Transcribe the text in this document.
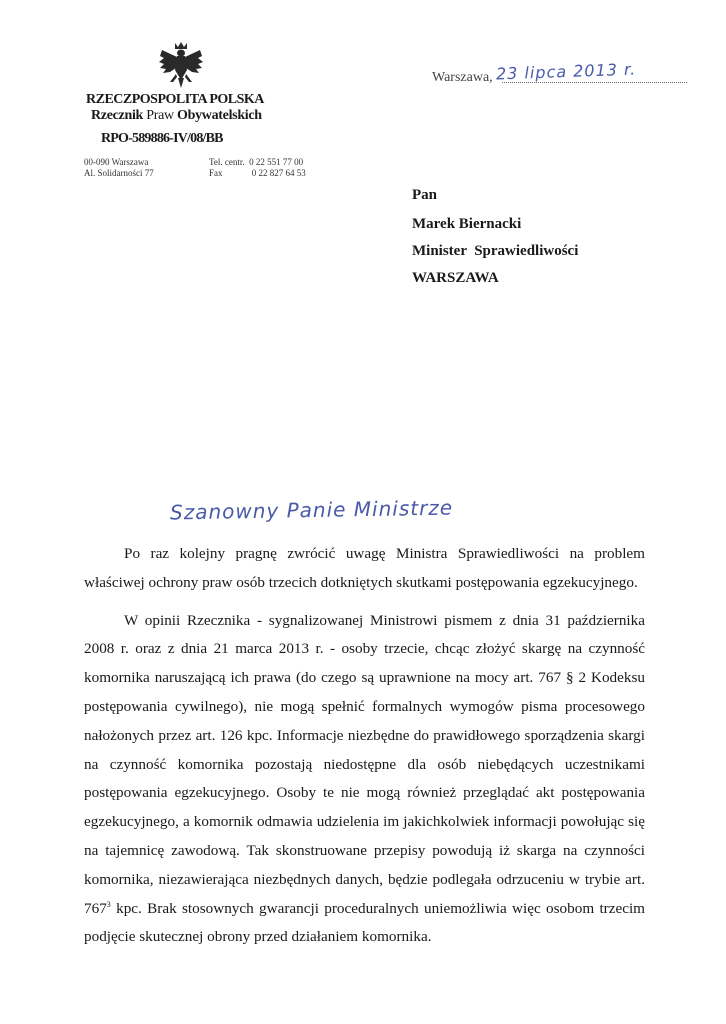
RZECZPOSPOLITA POLSKA
Rzecznik Praw Obywatelskich
RPO-589886-IV/08/BB
00-090 Warszawa
Al. Solidarności 77
Tel. centr.  0 22 551 77 00
Fax             0 22 827 64 53
Warszawa, 23 lipca 2013 r.
Pan
Marek Biernacki
Minister  Sprawiedliwości
WARSZAWA
Szanowny Panie Ministrze

Po raz kolejny pragnę zwrócić uwagę Ministra Sprawiedliwości na problem właściwej ochrony praw osób trzecich dotkniętych skutkami postępowania egzekucyjnego.

W opinii Rzecznika - sygnalizowanej Ministrowi pismem z dnia 31 października 2008 r. oraz z dnia 21 marca 2013 r. - osoby trzecie, chcąc złożyć skargę na czynność komornika naruszającą ich prawa (do czego są uprawnione na mocy art. 767 § 2 Kodeksu postępowania cywilnego), nie mogą spełnić formalnych wymogów pisma procesowego nałożonych przez art. 126 kpc. Informacje niezbędne do prawidłowego sporządzenia skargi na czynność komornika pozostają niedostępne dla osób niebędących uczestnikami postępowania egzekucyjnego. Osoby te nie mogą również przeglądać akt postępowania egzekucyjnego, a komornik odmawia udzielenia im jakichkolwiek informacji powołując się na tajemnicę zawodową. Tak skonstruowane przepisy powodują iż skarga na czynności komornika, niezawierająca niezbędnych danych, będzie podlegała odrzuceniu w trybie art. $767^3$ kpc. Brak stosownych gwarancji proceduralnych uniemożliwia więc osobom trzecim podjęcie skutecznej obrony przed działaniem komornika.
